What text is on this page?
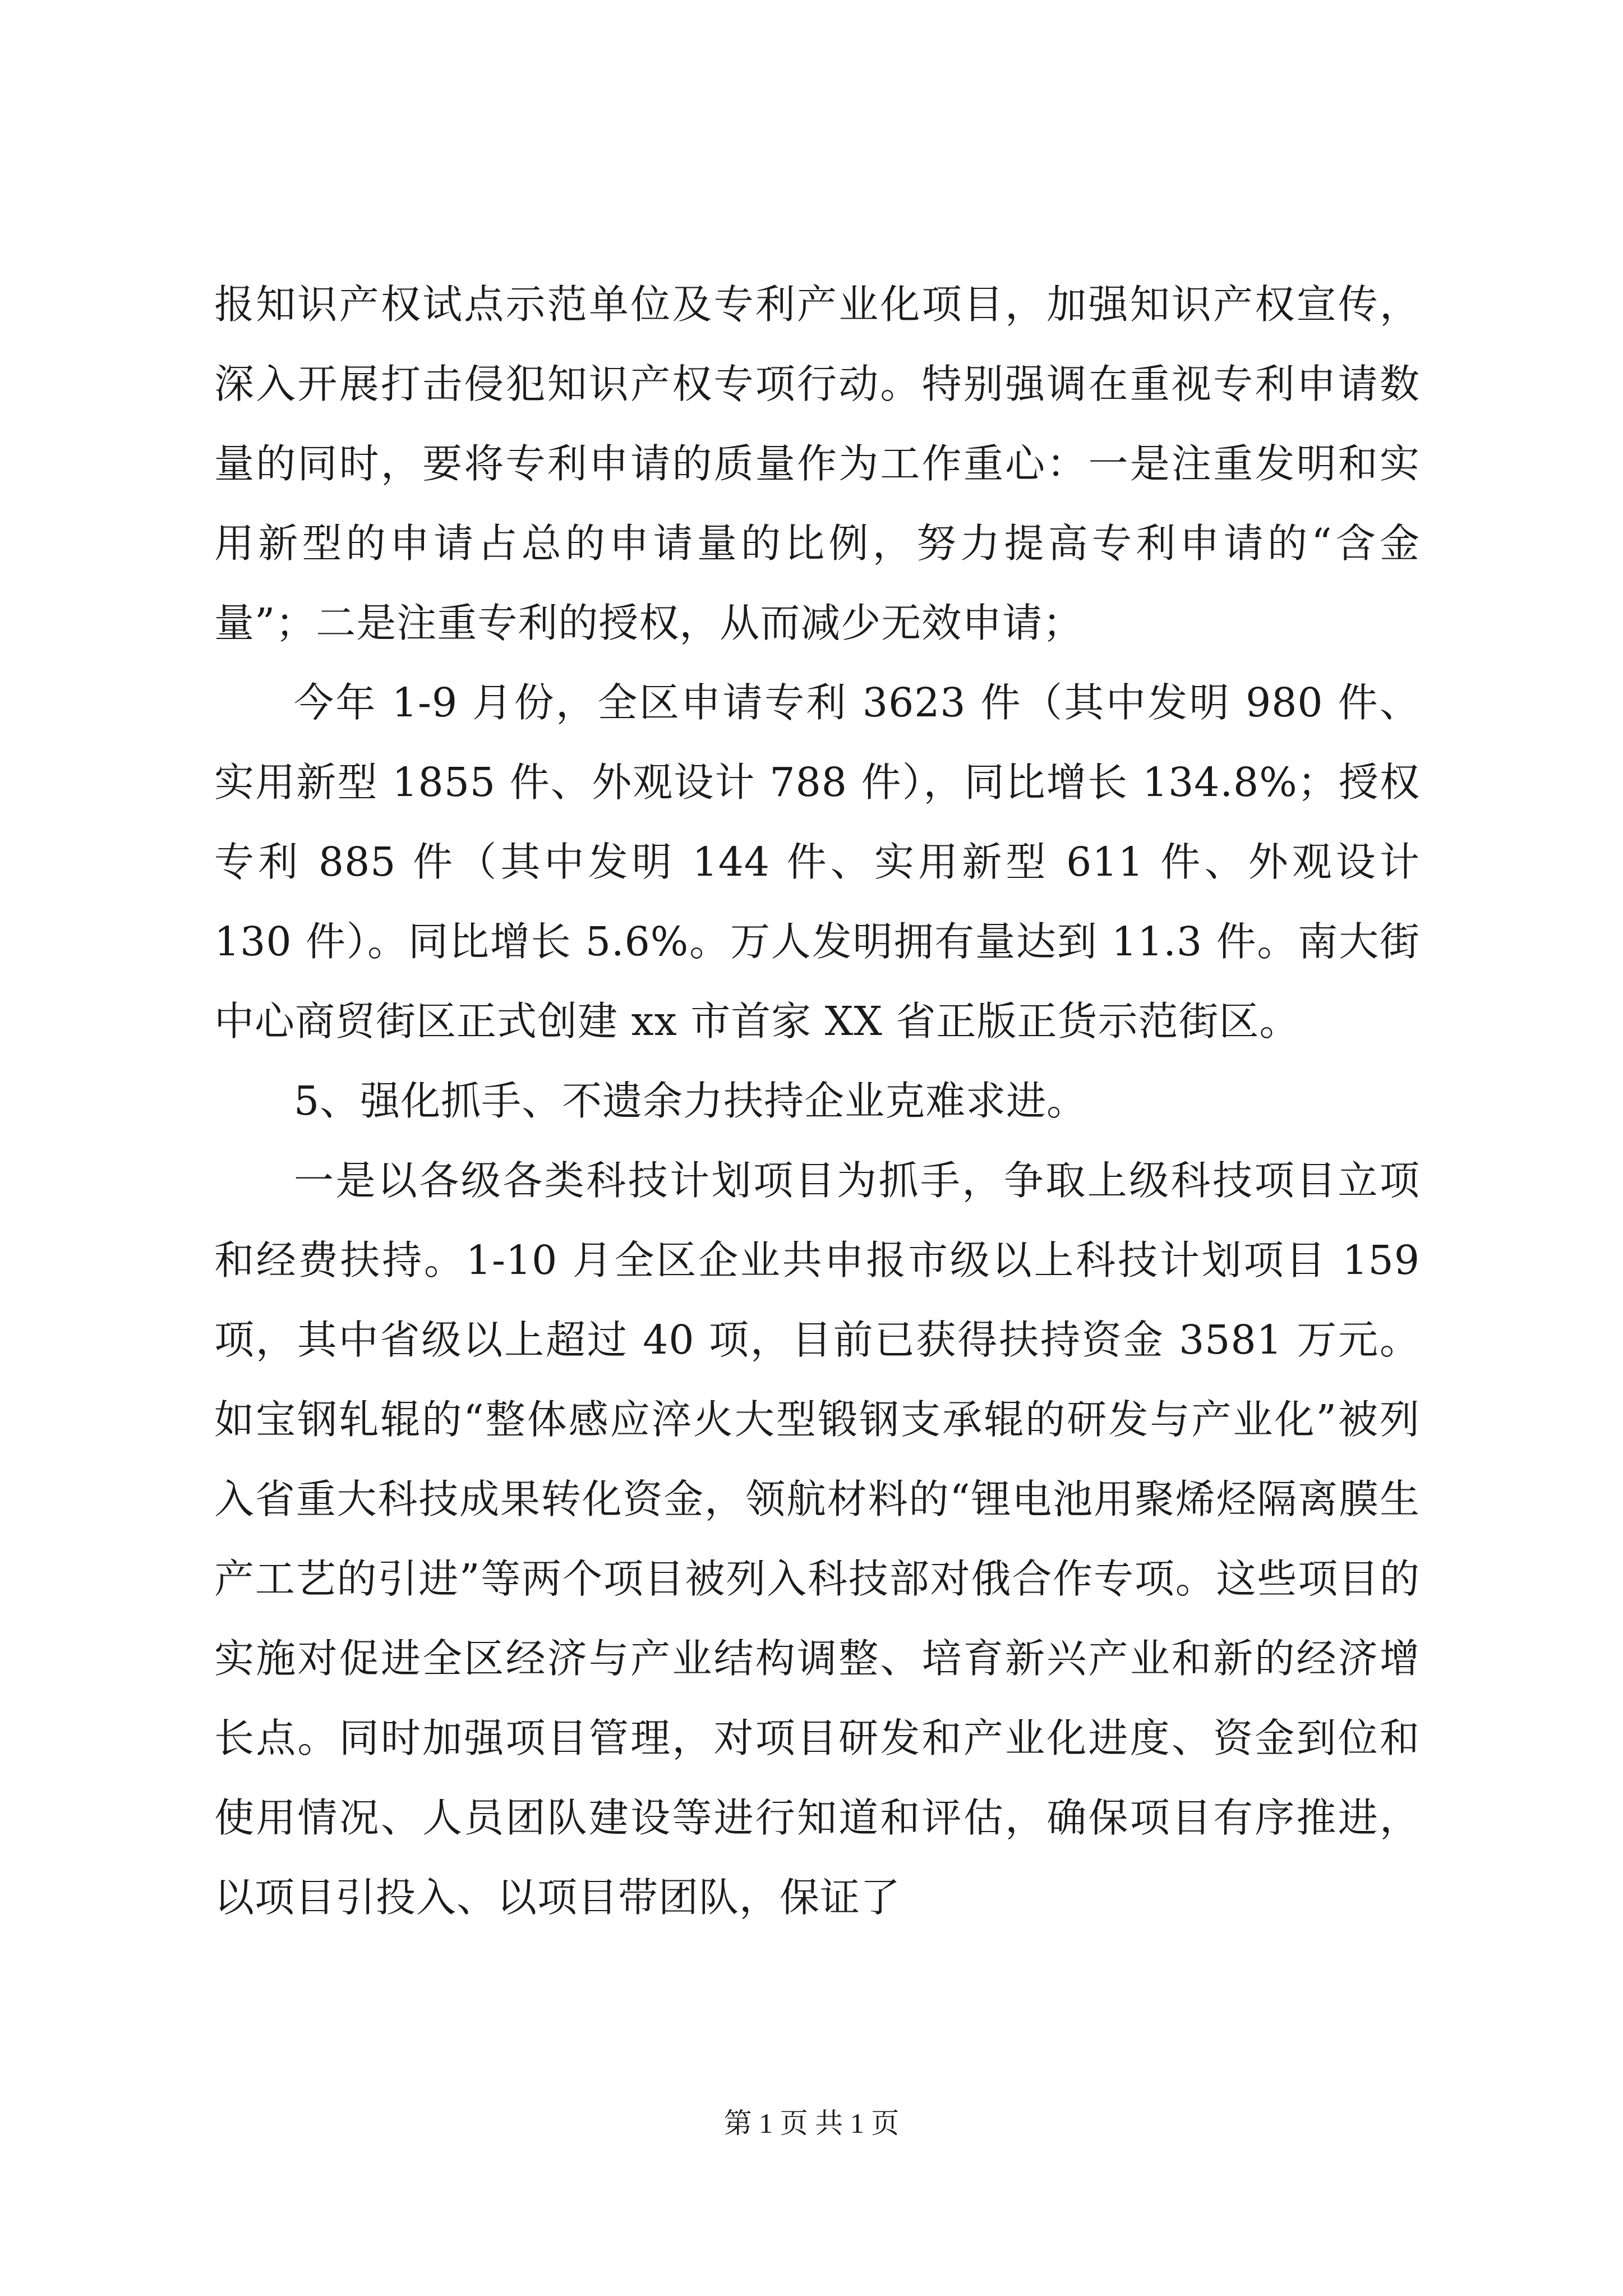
报知识产权试点示范单位及专利产业化项目，加强知识产权宣传，深入开展打击侵犯知识产权专项行动。特别强调在重视专利申请数量的同时，要将专利申请的质量作为工作重心：一是注重发明和实用新型的申请占总的申请量的比例，努力提高专利申请的“含金量”；二是注重专利的授权，从而减少无效申请；

今年 1-9 月份，全区申请专利 3623 件（其中发明 980 件、实用新型 1855 件、外观设计 788 件），同比增长 134.8%；授权专利 885 件（其中发明 144 件、实用新型 611 件、外观设计 130 件）。同比增长 5.6%。万人发明拥有量达到 11.3 件。南大街中心商贸街区正式创建 xx 市首家 XX 省正版正货示范街区。

5、强化抓手、不遗余力扶持企业克难求进。

一是以各级各类科技计划项目为抓手，争取上级科技项目立项和经费扶持。1-10 月全区企业共申报市级以上科技计划项目 159 项，其中省级以上超过 40 项，目前已获得扶持资金 3581 万元。如宝钢轧辊的“整体感应淬火大型锻钢支承辊的研发与产业化”被列入省重大科技成果转化资金，领航材料的“锂电池用聚烯烃隔离膜生产工艺的引进”等两个项目被列入科技部对俄合作专项。这些项目的实施对促进全区经济与产业结构调整、培育新兴产业和新的经济增长点。同时加强项目管理，对项目研发和产业化进度、资金到位和使用情况、人员团队建设等进行知道和评估，确保项目有序推进，以项目引投入、以项目带团队，保证了

第 1 页 共 1 页
